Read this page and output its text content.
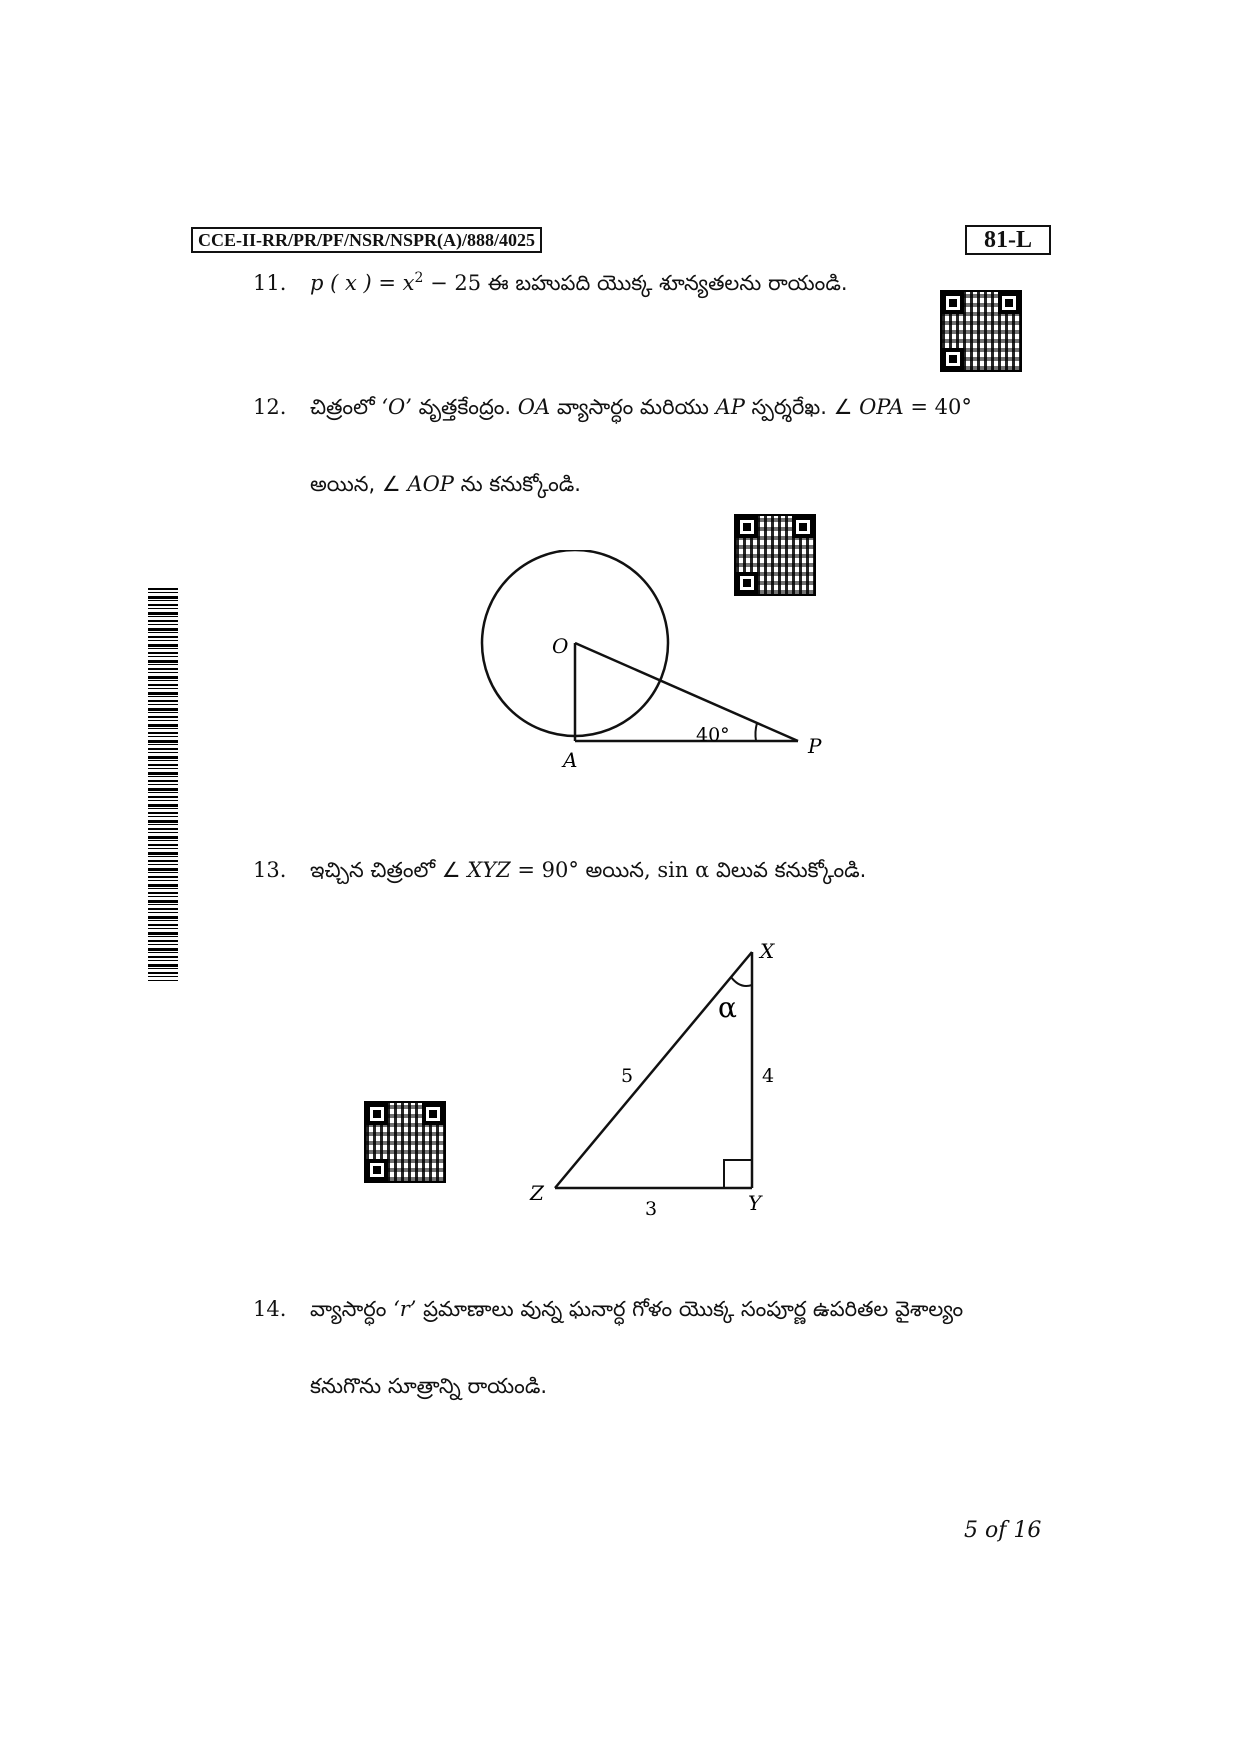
CCE-II-RR/PR/PF/NSR/NSPR(A)/888/4025	81-L
11. p ( x ) = $x^2 - 25$ ఈ బహుపది యొక్క శూన్యతలను రాయండి.
12. చిత్రంలో ‘O’ వృత్తకేంద్రం. OA వ్యాసార్ధం మరియు AP స్పర్శరేఖ. ∠ OPA = 40°
అయిన, ∠ AOP ను కనుక్కోండి.
O
A
P
40°
13. ఇచ్చిన చిత్రంలో ∠ XYZ = 90° అయిన, sin α విలువ కనుక్కోండి.
X
Y
Z
α
5	4
3
14. వ్యాసార్ధం ‘r’ ప్రమాణాలు వున్న ఘనార్ధ గోళం యొక్క సంపూర్ణ ఉపరితల వైశాల్యం
కనుగొను సూత్రాన్ని రాయండి.
5 of 16
